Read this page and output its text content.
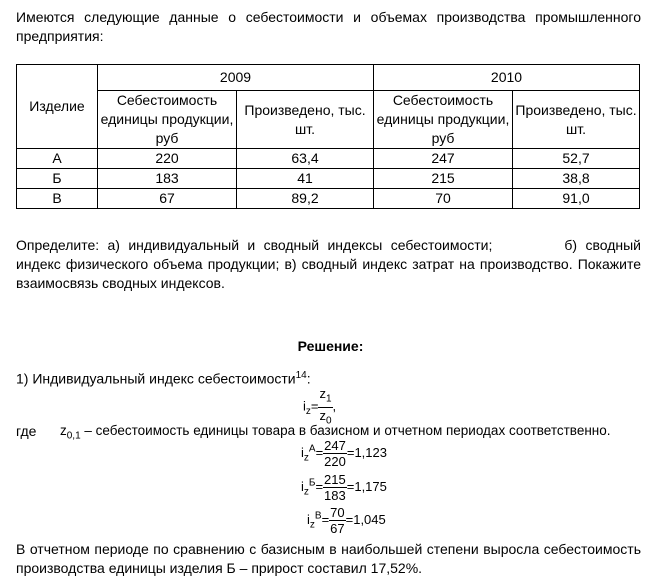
Имеются следующие данные о себестоимости и объемах производства промышленного предприятия:
Изделие	2009		2010	
	Себестоимость единицы продукции, руб	Произведено, тыс. шт.	Себестоимость единицы продукции, руб	Произведено, тыс. шт.
А	220	63,4	247	52,7
Б	183	41	215	38,8
В	67	89,2	70	91,0
Определите: а) индивидуальный и сводный индексы себестоимости;	б) сводный индекс физического объема продукции; в) сводный индекс затрат на производство. Покажите взаимосвязь сводных индексов.
Решение:
1) Индивидуальный индекс себестоимости$^{14}$:
$i_z= \frac{z_1}{z_0}$ ,
где $z_{0,1}$ – себестоимость единицы товара в базисном и отчетном периодах соответственно.
$i_z^А= \frac{247}{220} =1,123$
$i_z^Б= \frac{215}{183} =1,175$
$i_z^В= \frac{70}{67} =1,045$
В отчетном периоде по сравнению с базисным в наибольшей степени выросла себестоимость производства единицы изделия Б – прирост составил 17,52%.
